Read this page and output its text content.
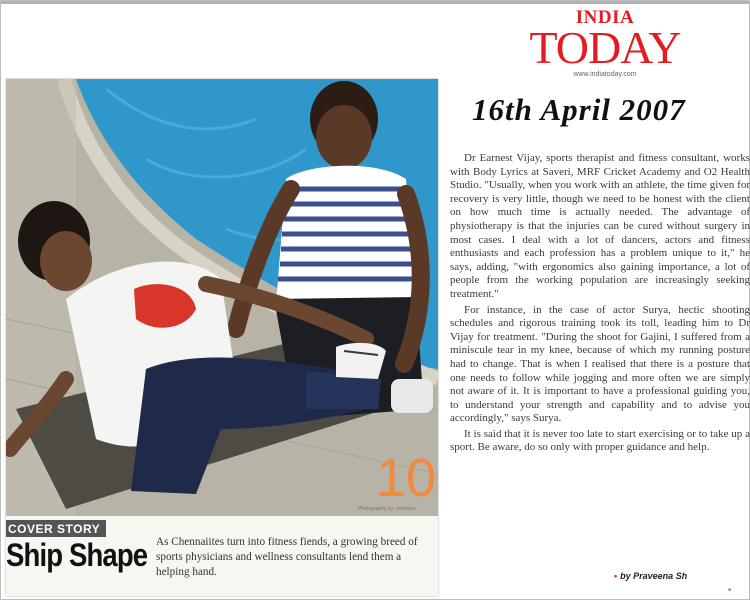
INDIA
TODAY
www.indiatoday.com
16th April 2007
10
Photography by: unknown
COVER STORY
Ship Shape As Chennaiites turn into fitness fiends, a growing breed of sports physicians and wellness consultants lend them a helping hand.

Dr Earnest Vijay, sports therapist and fitness consultant, works with Body Lyrics at Saveri, MRF Cricket Academy and O2 Health Studio. "Usually, when you work with an athlete, the time given for recovery is very little, though we need to be honest with the client on how much time is actually needed. The advantage of physiotherapy is that the injuries can be cured without surgery in most cases. I deal with a lot of dancers, actors and fitness enthusiasts and each profession has a problem unique to it," he says, adding, "with ergonomics also gaining importance, a lot of people from the working population are increasingly seeking treatment."

For instance, in the case of actor Surya, hectic shooting schedules and rigorous training took its toll, leading him to Dr Vijay for treatment. "During the shoot for Gajini, I suffered from a miniscule tear in my knee, because of which my running posture had to change. That is when I realised that there is a posture that one needs to follow while jogging and more often we are simply not aware of it. It is important to have a professional guiding you, to understand your strength and capability and to advise you accordingly," says Surya.

It is said that it is never too late to start exercising or to take up a sport. Be aware, do so only with proper guidance and help.

• by Praveena Sh
■
